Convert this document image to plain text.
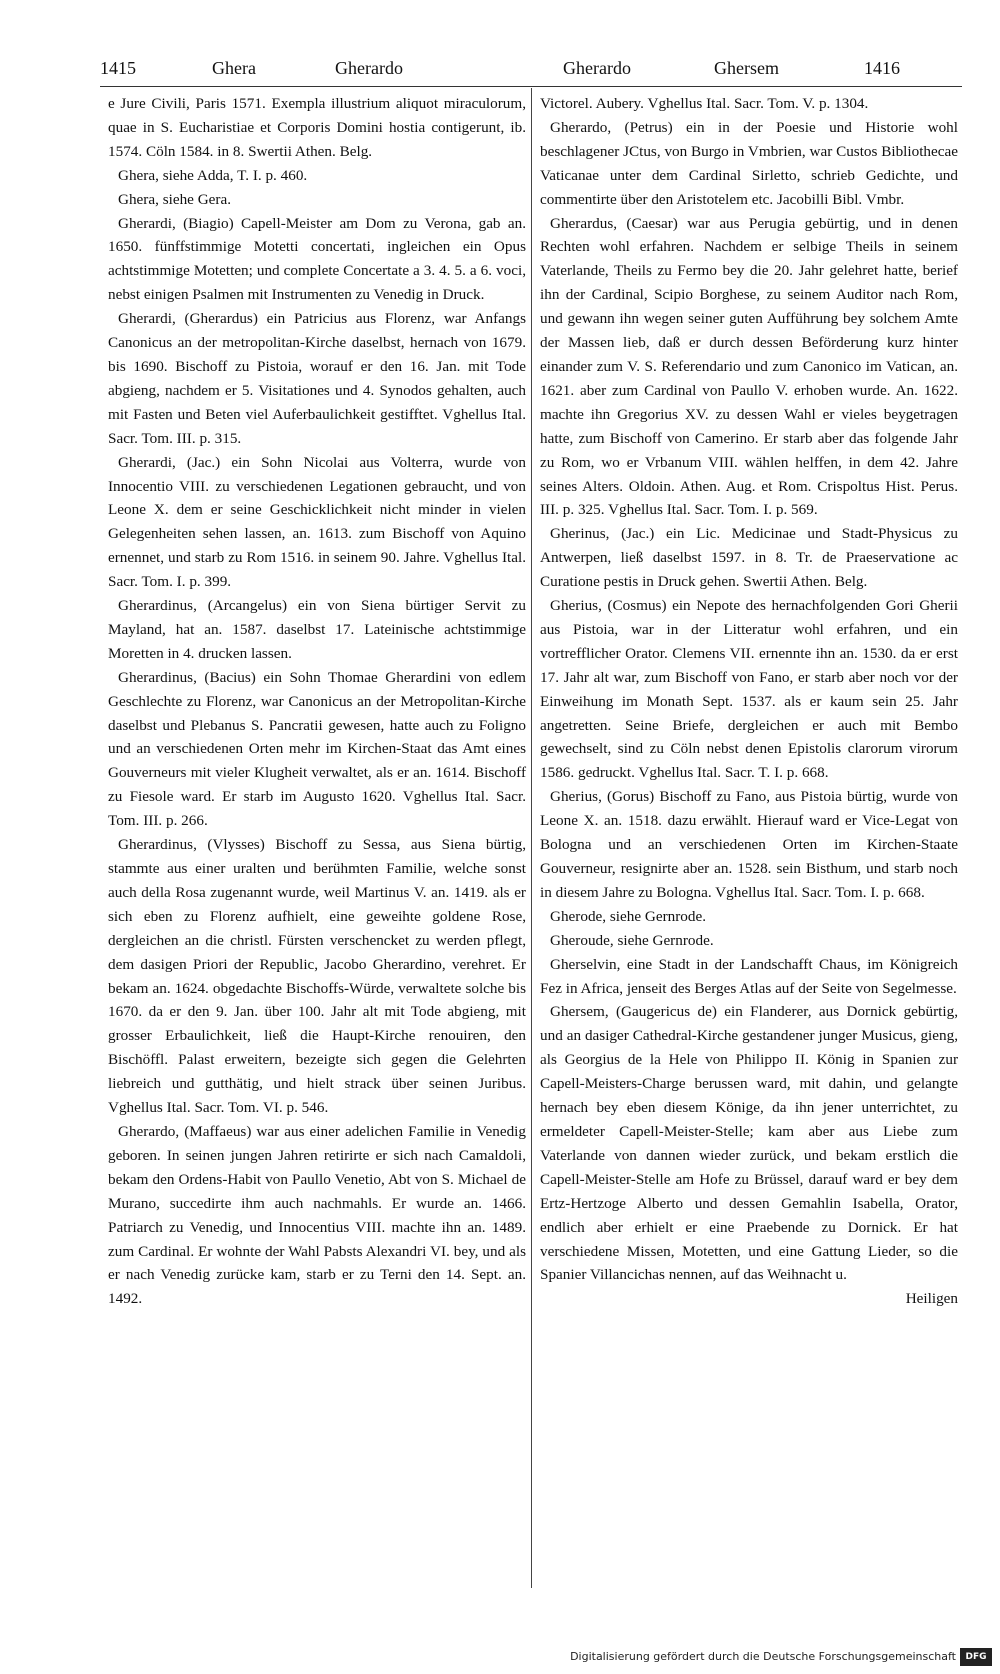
1415	Ghera	Gherardo	Gherardo	Ghersem	1416

e Jure Civili, Paris 1571. Exempla illustrium aliquot miraculorum, quae in S. Eucharistiae et Corporis Domini hostia contigerunt, ib. 1574. Cöln 1584. in 8. Swertii Athen. Belg.

Ghera, siehe Adda, T. I. p. 460.

Ghera, siehe Gera.

Gherardi, (Biagio) Capell-Meister am Dom zu Verona, gab an. 1650. fünffstimmige Motetti concertati, ingleichen ein Opus achtstimmige Motetten; und complete Concertate a 3. 4. 5. a 6. voci, nebst einigen Psalmen mit Instrumenten zu Venedig in Druck.

Gherardi, (Gherardus) ein Patricius aus Florenz, war Anfangs Canonicus an der metropolitan-Kirche daselbst, hernach von 1679. bis 1690. Bischoff zu Pistoia, worauf er den 16. Jan. mit Tode abgieng, nachdem er 5. Visitationes und 4. Synodos gehalten, auch mit Fasten und Beten viel Auferbaulichkeit gestifftet. Vghellus Ital. Sacr. Tom. III. p. 315.

Gherardi, (Jac.) ein Sohn Nicolai aus Volterra, wurde von Innocentio VIII. zu verschiedenen Legationen gebraucht, und von Leone X. dem er seine Geschicklichkeit nicht minder in vielen Gelegenheiten sehen lassen, an. 1613. zum Bischoff von Aquino ernennet, und starb zu Rom 1516. in seinem 90. Jahre. Vghellus Ital. Sacr. Tom. I. p. 399.

Gherardinus, (Arcangelus) ein von Siena bürtiger Servit zu Mayland, hat an. 1587. daselbst 17. Lateinische achtstimmige Moretten in 4. drucken lassen.

Gherardinus, (Bacius) ein Sohn Thomae Gherardini von edlem Geschlechte zu Florenz, war Canonicus an der Metropolitan-Kirche daselbst und Plebanus S. Pancratii gewesen, hatte auch zu Foligno und an verschiedenen Orten mehr im Kirchen-Staat das Amt eines Gouverneurs mit vieler Klugheit verwaltet, als er an. 1614. Bischoff zu Fiesole ward. Er starb im Augusto 1620. Vghellus Ital. Sacr. Tom. III. p. 266.

Gherardinus, (Vlysses) Bischoff zu Sessa, aus Siena bürtig, stammte aus einer uralten und berühmten Familie, welche sonst auch della Rosa zugenannt wurde, weil Martinus V. an. 1419. als er sich eben zu Florenz aufhielt, eine geweihte goldene Rose, dergleichen an die christl. Fürsten verschencket zu werden pflegt, dem dasigen Priori der Republic, Jacobo Gherardino, verehret. Er bekam an. 1624. obgedachte Bischoffs-Würde, verwaltete solche bis 1670. da er den 9. Jan. über 100. Jahr alt mit Tode abgieng, mit grosser Erbaulichkeit, ließ die Haupt-Kirche renouiren, den Bischöffl. Palast erweitern, bezeigte sich gegen die Gelehrten liebreich und gutthätig, und hielt strack über seinen Juribus. Vghellus Ital. Sacr. Tom. VI. p. 546.

Gherardo, (Maffaeus) war aus einer adelichen Familie in Venedig geboren. In seinen jungen Jahren retirirte er sich nach Camaldoli, bekam den Ordens-Habit von Paullo Venetio, Abt von S. Michael de Murano, succedirte ihm auch nachmahls. Er wurde an. 1466. Patriarch zu Venedig, und Innocentius VIII. machte ihn an. 1489. zum Cardinal. Er wohnte der Wahl Pabsts Alexandri VI. bey, und als er nach Venedig zurücke kam, starb er zu Terni den 14. Sept. an. 1492.

Victorel. Aubery. Vghellus Ital. Sacr. Tom. V. p. 1304.

Gherardo, (Petrus) ein in der Poesie und Historie wohl beschlagener JCtus, von Burgo in Vmbrien, war Custos Bibliothecae Vaticanae unter dem Cardinal Sirletto, schrieb Gedichte, und commentirte über den Aristotelem etc. Jacobilli Bibl. Vmbr.

Gherardus, (Caesar) war aus Perugia gebürtig, und in denen Rechten wohl erfahren. Nachdem er selbige Theils in seinem Vaterlande, Theils zu Fermo bey die 20. Jahr gelehret hatte, berief ihn der Cardinal, Scipio Borghese, zu seinem Auditor nach Rom, und gewann ihn wegen seiner guten Aufführung bey solchem Amte der Massen lieb, daß er durch dessen Beförderung kurz hinter einander zum V. S. Referendario und zum Canonico im Vatican, an. 1621. aber zum Cardinal von Paullo V. erhoben wurde. An. 1622. machte ihn Gregorius XV. zu dessen Wahl er vieles beygetragen hatte, zum Bischoff von Camerino. Er starb aber das folgende Jahr zu Rom, wo er Vrbanum VIII. wählen helffen, in dem 42. Jahre seines Alters. Oldoin. Athen. Aug. et Rom. Crispoltus Hist. Perus. III. p. 325. Vghellus Ital. Sacr. Tom. I. p. 569.

Gherinus, (Jac.) ein Lic. Medicinae und Stadt-Physicus zu Antwerpen, ließ daselbst 1597. in 8. Tr. de Praeservatione ac Curatione pestis in Druck gehen. Swertii Athen. Belg.

Gherius, (Cosmus) ein Nepote des hernachfolgenden Gori Gherii aus Pistoia, war in der Litteratur wohl erfahren, und ein vortrefflicher Orator. Clemens VII. ernennte ihn an. 1530. da er erst 17. Jahr alt war, zum Bischoff von Fano, er starb aber noch vor der Einweihung im Monath Sept. 1537. als er kaum sein 25. Jahr angetretten. Seine Briefe, dergleichen er auch mit Bembo gewechselt, sind zu Cöln nebst denen Epistolis clarorum virorum 1586. gedruckt. Vghellus Ital. Sacr. T. I. p. 668.

Gherius, (Gorus) Bischoff zu Fano, aus Pistoia bürtig, wurde von Leone X. an. 1518. dazu erwählt. Hierauf ward er Vice-Legat von Bologna und an verschiedenen Orten im Kirchen-Staate Gouverneur, resignirte aber an. 1528. sein Bisthum, und starb noch in diesem Jahre zu Bologna. Vghellus Ital. Sacr. Tom. I. p. 668.

Gherode, siehe Gernrode.

Gheroude, siehe Gernrode.

Gherselvin, eine Stadt in der Landschafft Chaus, im Königreich Fez in Africa, jenseit des Berges Atlas auf der Seite von Segelmesse.

Ghersem, (Gaugericus de) ein Flanderer, aus Dornick gebürtig, und an dasiger Cathedral-Kirche gestandener junger Musicus, gieng, als Georgius de la Hele von Philippo II. König in Spanien zur Capell-Meisters-Charge berussen ward, mit dahin, und gelangte hernach bey eben diesem Könige, da ihn jener unterrichtet, zu ermeldeter Capell-Meister-Stelle; kam aber aus Liebe zum Vaterlande von dannen wieder zurück, und bekam erstlich die Capell-Meister-Stelle am Hofe zu Brüssel, darauf ward er bey dem Ertz-Hertzoge Alberto und dessen Gemahlin Isabella, Orator, endlich aber erhielt er eine Praebende zu Dornick. Er hat verschiedene Missen, Motetten, und eine Gattung Lieder, so die Spanier Villancichas nennen, auf das Weihnacht u.

Heiligen

Digitalisierung gefördert durch die Deutsche Forschungsgemeinschaft	DFG
